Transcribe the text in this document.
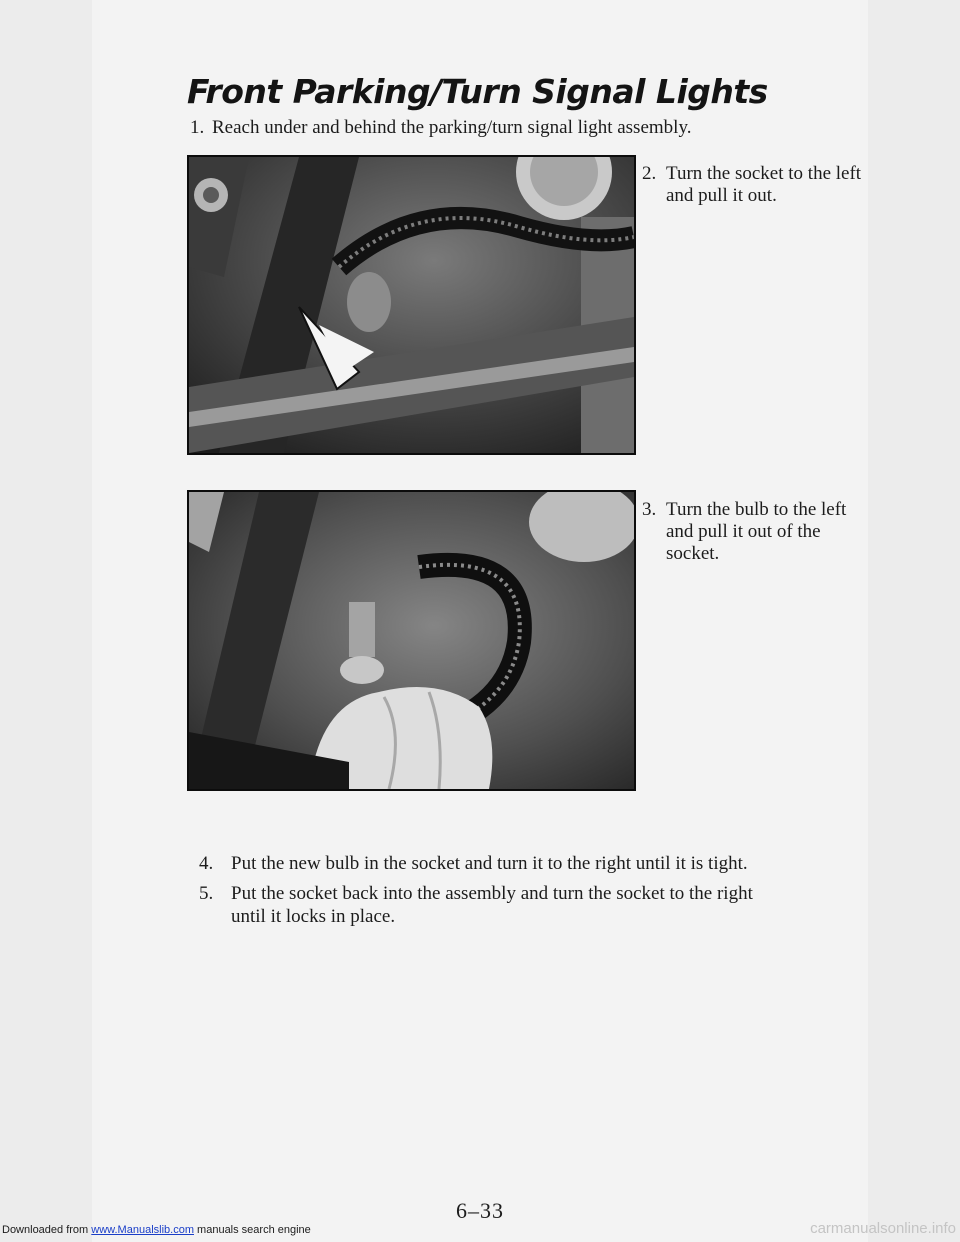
Front Parking/Turn Signal Lights
1. Reach under and behind the parking/turn signal light assembly.
2. Turn the socket to the left and pull it out.
3. Turn the bulb to the left and pull it out of the socket.
4. Put the new bulb in the socket and turn it to the right until it is tight.
5. Put the socket back into the assembly and turn the socket to the right
until it locks in place.
6–33
Downloaded from www.Manualslib.com manuals search engine	carmanualsonline.info
